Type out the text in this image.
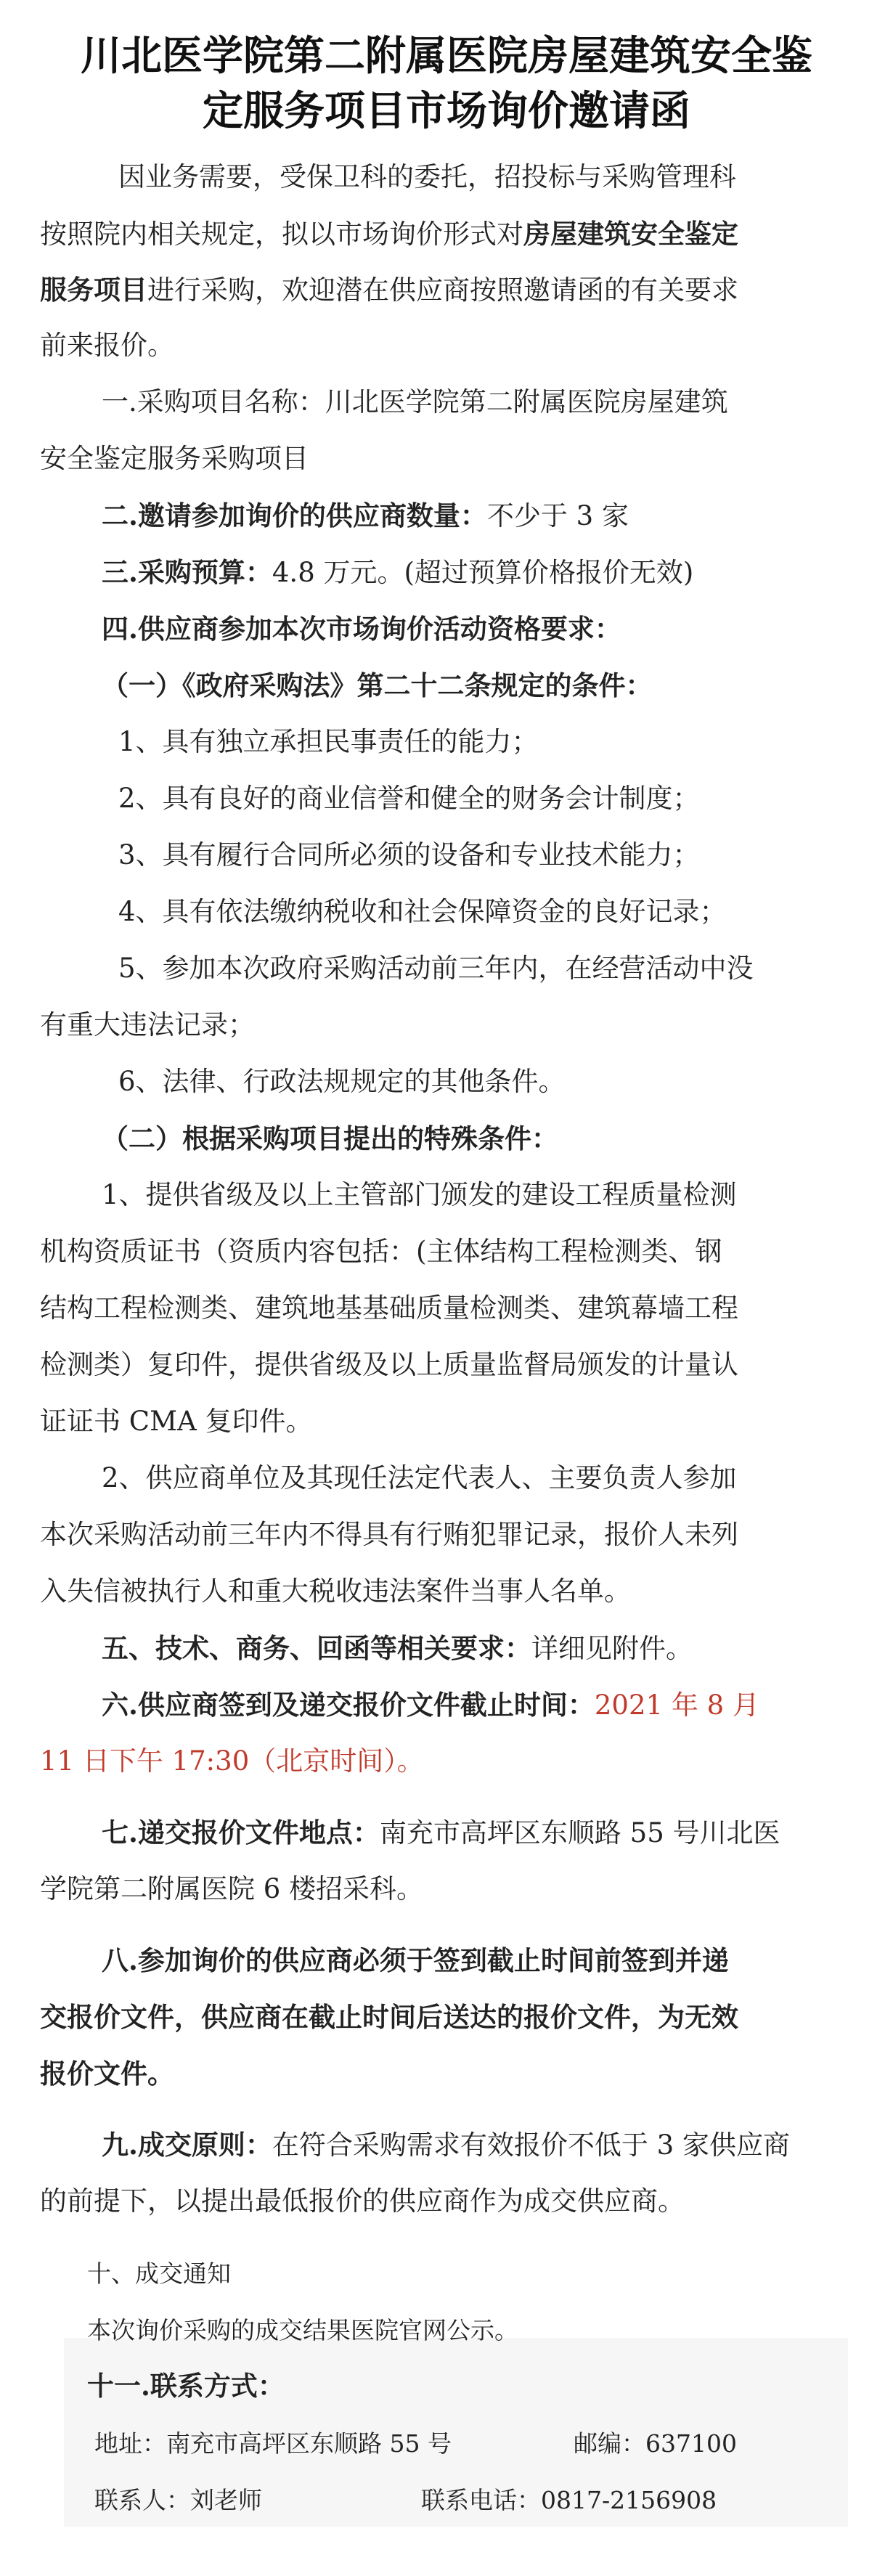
川北医学院第二附属医院房屋建筑安全鉴
定服务项目市场询价邀请函
因业务需要，受保卫科的委托，招投标与采购管理科
按照院内相关规定，拟以市场询价形式对房屋建筑安全鉴定
服务项目进行采购，欢迎潜在供应商按照邀请函的有关要求
前来报价。
一.采购项目名称：川北医学院第二附属医院房屋建筑
安全鉴定服务采购项目
二.邀请参加询价的供应商数量：不少于 3 家
三.采购预算：4.8 万元。(超过预算价格报价无效)
四.供应商参加本次市场询价活动资格要求：
（一）《政府采购法》第二十二条规定的条件：
1、具有独立承担民事责任的能力；
2、具有良好的商业信誉和健全的财务会计制度；
3、具有履行合同所必须的设备和专业技术能力；
4、具有依法缴纳税收和社会保障资金的良好记录；
5、参加本次政府采购活动前三年内，在经营活动中没
有重大违法记录；
6、法律、行政法规规定的其他条件。
（二）根据采购项目提出的特殊条件：
1、提供省级及以上主管部门颁发的建设工程质量检测
机构资质证书（资质内容包括：(主体结构工程检测类、钢
结构工程检测类、建筑地基基础质量检测类、建筑幕墙工程
检测类）复印件，提供省级及以上质量监督局颁发的计量认
证证书 CMA 复印件。
2、供应商单位及其现任法定代表人、主要负责人参加
本次采购活动前三年内不得具有行贿犯罪记录，报价人未列
入失信被执行人和重大税收违法案件当事人名单。
五、技术、商务、回函等相关要求：详细见附件。
六.供应商签到及递交报价文件截止时间：2021 年 8 月
11 日下午 17:30（北京时间）。
七.递交报价文件地点：南充市高坪区东顺路 55 号川北医
学院第二附属医院 6 楼招采科。
八.参加询价的供应商必须于签到截止时间前签到并递
交报价文件，供应商在截止时间后送达的报价文件，为无效
报价文件。
九.成交原则：在符合采购需求有效报价不低于 3 家供应商
的前提下，以提出最低报价的供应商作为成交供应商。
十、成交通知
本次询价采购的成交结果医院官网公示。
十一.联系方式：
地址：南充市高坪区东顺路 55 号	邮编：637100
联系人：刘老师	联系电话：0817-2156908
